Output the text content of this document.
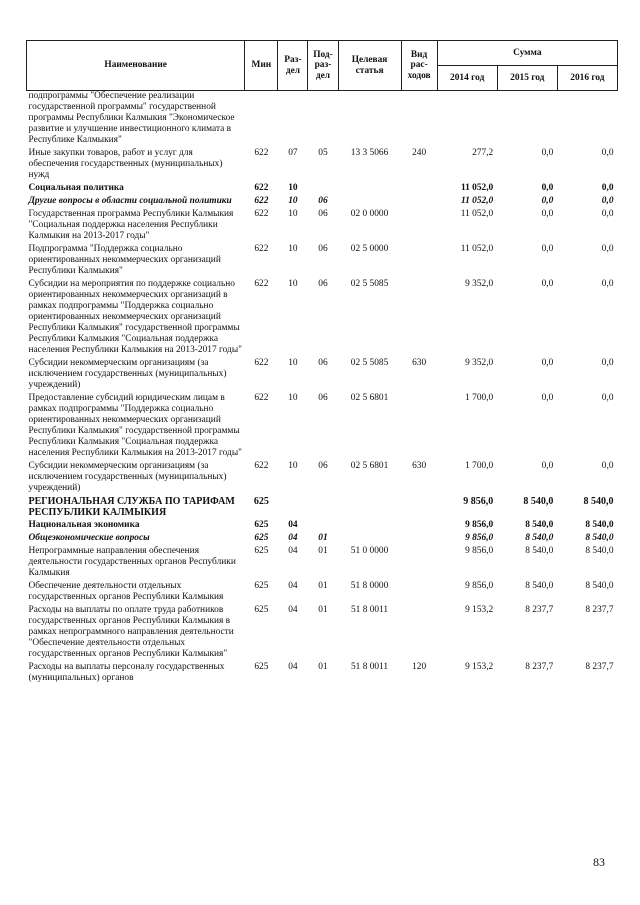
Наименование	Мин	Раз-дел	Под-раз-дел	Целевая статья	Вид рас-ходов	Сумма		
						2014 год	2015 год	2016 год
подпрограммы "Обеспечение реализации государственной программы" государственной программы Республики Калмыкия "Экономическое развитие и улучшение инвестиционного климата в Республике Калмыкия"								
Иные закупки товаров, работ и услуг для обеспечения государственных (муниципальных) нужд	622	07	05	13 3 5066	240	277,2	0,0	0,0
Социальная политика	622	10				11 052,0	0,0	0,0
Другие вопросы в области социальной политики	622	10	06			11 052,0	0,0	0,0
Государственная программа Республики Калмыкия "Социальная поддержка населения Республики Калмыкия на 2013-2017 годы"	622	10	06	02 0 0000		11 052,0	0,0	0,0
Подпрограмма "Поддержка социально ориентированных некоммерческих организаций Республики Калмыкия"	622	10	06	02 5 0000		11 052,0	0,0	0,0
Субсидии на мероприятия по поддержке социально ориентированных некоммерческих организаций в рамках подпрограммы "Поддержка социально ориентированных некоммерческих организаций Республики Калмыкия" государственной программы Республики Калмыкия "Социальная поддержка населения Республики Калмыкия на 2013-2017 годы"	622	10	06	02 5 5085		9 352,0	0,0	0,0
Субсидии некоммерческим организациям (за исключением государственных (муниципальных) учреждений)	622	10	06	02 5 5085	630	9 352,0	0,0	0,0
Предоставление субсидий юридическим лицам в рамках подпрограммы "Поддержка социально ориентированных некоммерческих организаций Республики Калмыкия" государственной программы Республики Калмыкия "Социальная поддержка населения Республики Калмыкия на 2013-2017 годы"	622	10	06	02 5 6801		1 700,0	0,0	0,0
Субсидии некоммерческим организациям (за исключением государственных (муниципальных) учреждений)	622	10	06	02 5 6801	630	1 700,0	0,0	0,0
РЕГИОНАЛЬНАЯ СЛУЖБА ПО ТАРИФАМ РЕСПУБЛИКИ КАЛМЫКИЯ	625					9 856,0	8 540,0	8 540,0
Национальная экономика	625	04				9 856,0	8 540,0	8 540,0
Общеэкономические вопросы	625	04	01			9 856,0	8 540,0	8 540,0
Непрограммные направления обеспечения деятельности государственных органов Республики Калмыкия	625	04	01	51 0 0000		9 856,0	8 540,0	8 540,0
Обеспечение деятельности отдельных государственных органов Республики Калмыкия	625	04	01	51 8 0000		9 856,0	8 540,0	8 540,0
Расходы на выплаты по оплате труда работников государственных органов Республики Калмыкия в рамках непрограммного направления деятельности "Обеспечение деятельности отдельных государственных органов Республики Калмыкия"	625	04	01	51 8 0011		9 153,2	8 237,7	8 237,7
Расходы на выплаты персоналу государственных (муниципальных) органов	625	04	01	51 8 0011	120	9 153,2	8 237,7	8 237,7
83
